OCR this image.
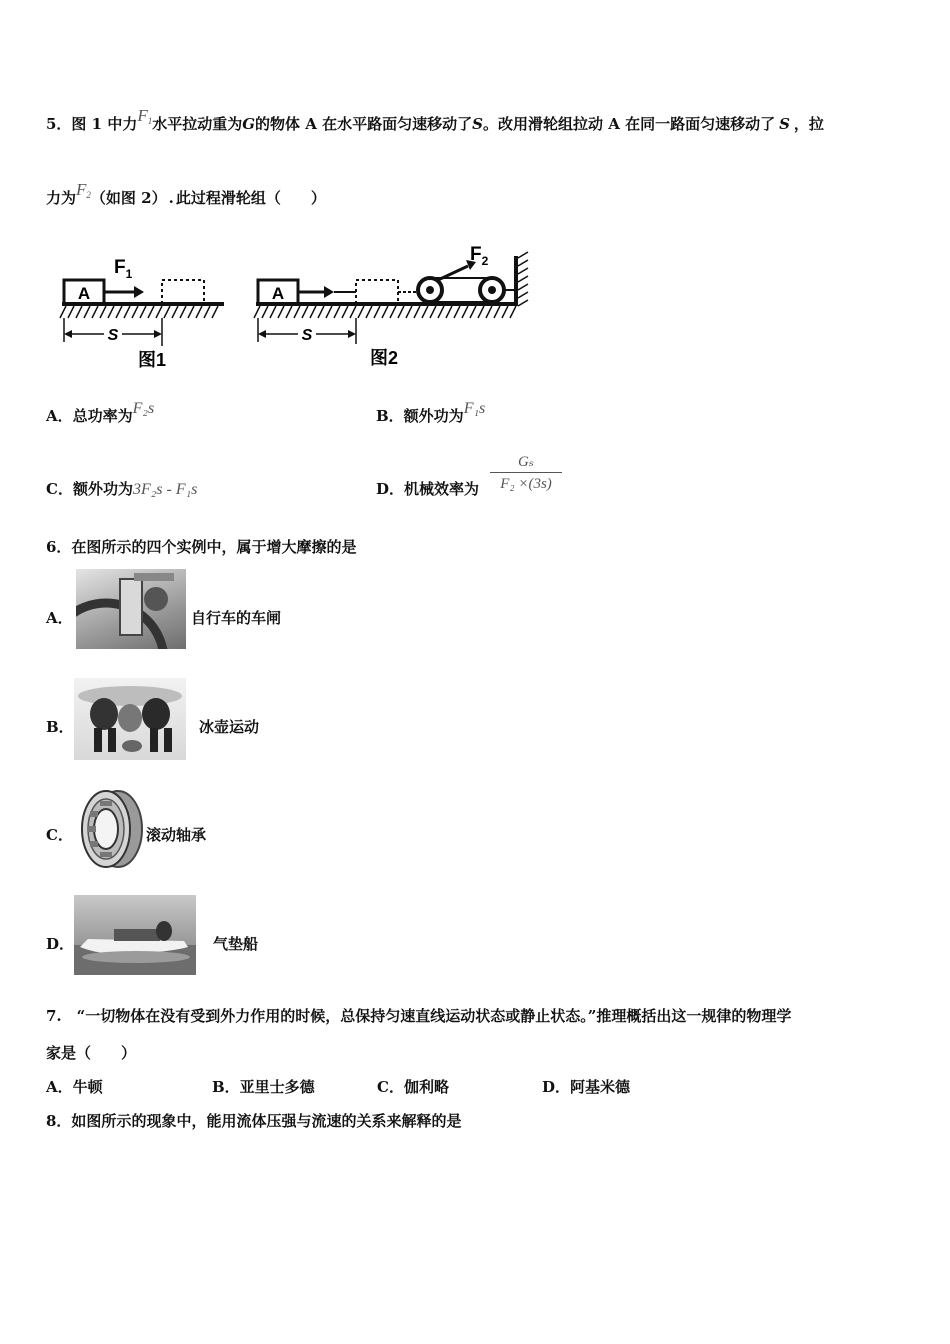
5．图 1 中力$F_1$水平拉动重为G的物体 A 在水平路面匀速移动了S。改用滑轮组拉动 A 在同一路面匀速移动了 S ，拉
力为$F_2$（如图 2） . 此过程滑轮组（　　）
A
$F_1$
S
图1
A
$F_2$
S
图2
A．总功率为F₂s	B．额外功为F₁s
C．额外功为3F₂s - F₁s	D．机械效率为 $\frac{\text{Gₛ}}{\text{F₂ ×(3s)}}$
6．在图所示的四个实例中，属于增大摩擦的是
A．	自行车的车闸
B．	冰壶运动
C．	滚动轴承
D．	气垫船
7.　“一切物体在没有受到外力作用的时候，总保持匀速直线运动状态或静止状态。”推理概括出这一规律的物理学
家是（　　）
A．牛顿	B．亚里士多德	C．伽利略	D．阿基米德
8．如图所示的现象中，能用流体压强与流速的关系来解释的是
